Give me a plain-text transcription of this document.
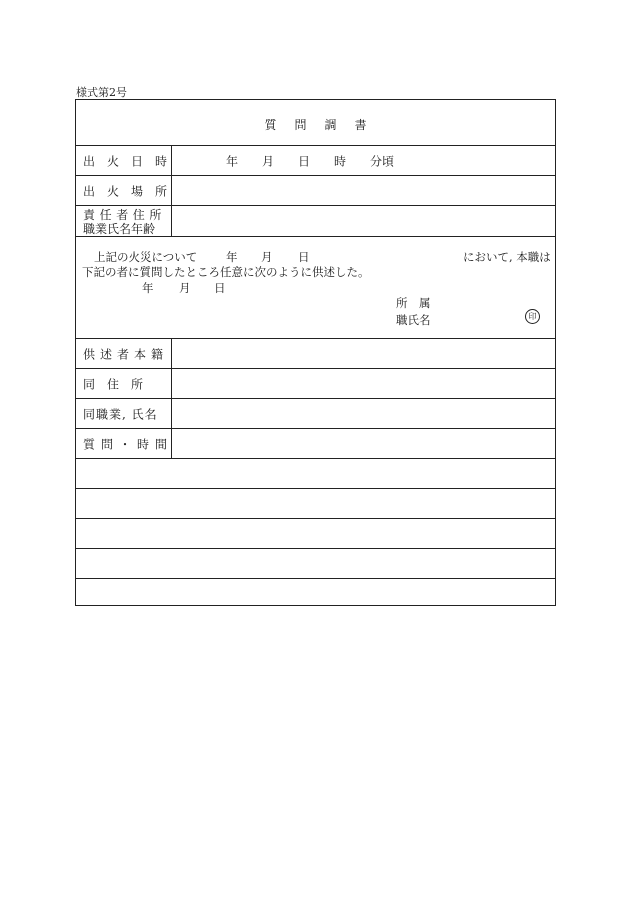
様式第2号
質問調書
出火日時	年　　月　　日　　時　　分頃
出火場所
責任者住所
職業氏名年齢
上記の火災について 年 月 日	において, 本職は
下記の者に質問したところ任意に次のように供述した。
年 月 日
所　属
職氏名	印
供述者本籍
同　住　所
同職業, 氏名
質問・時間
